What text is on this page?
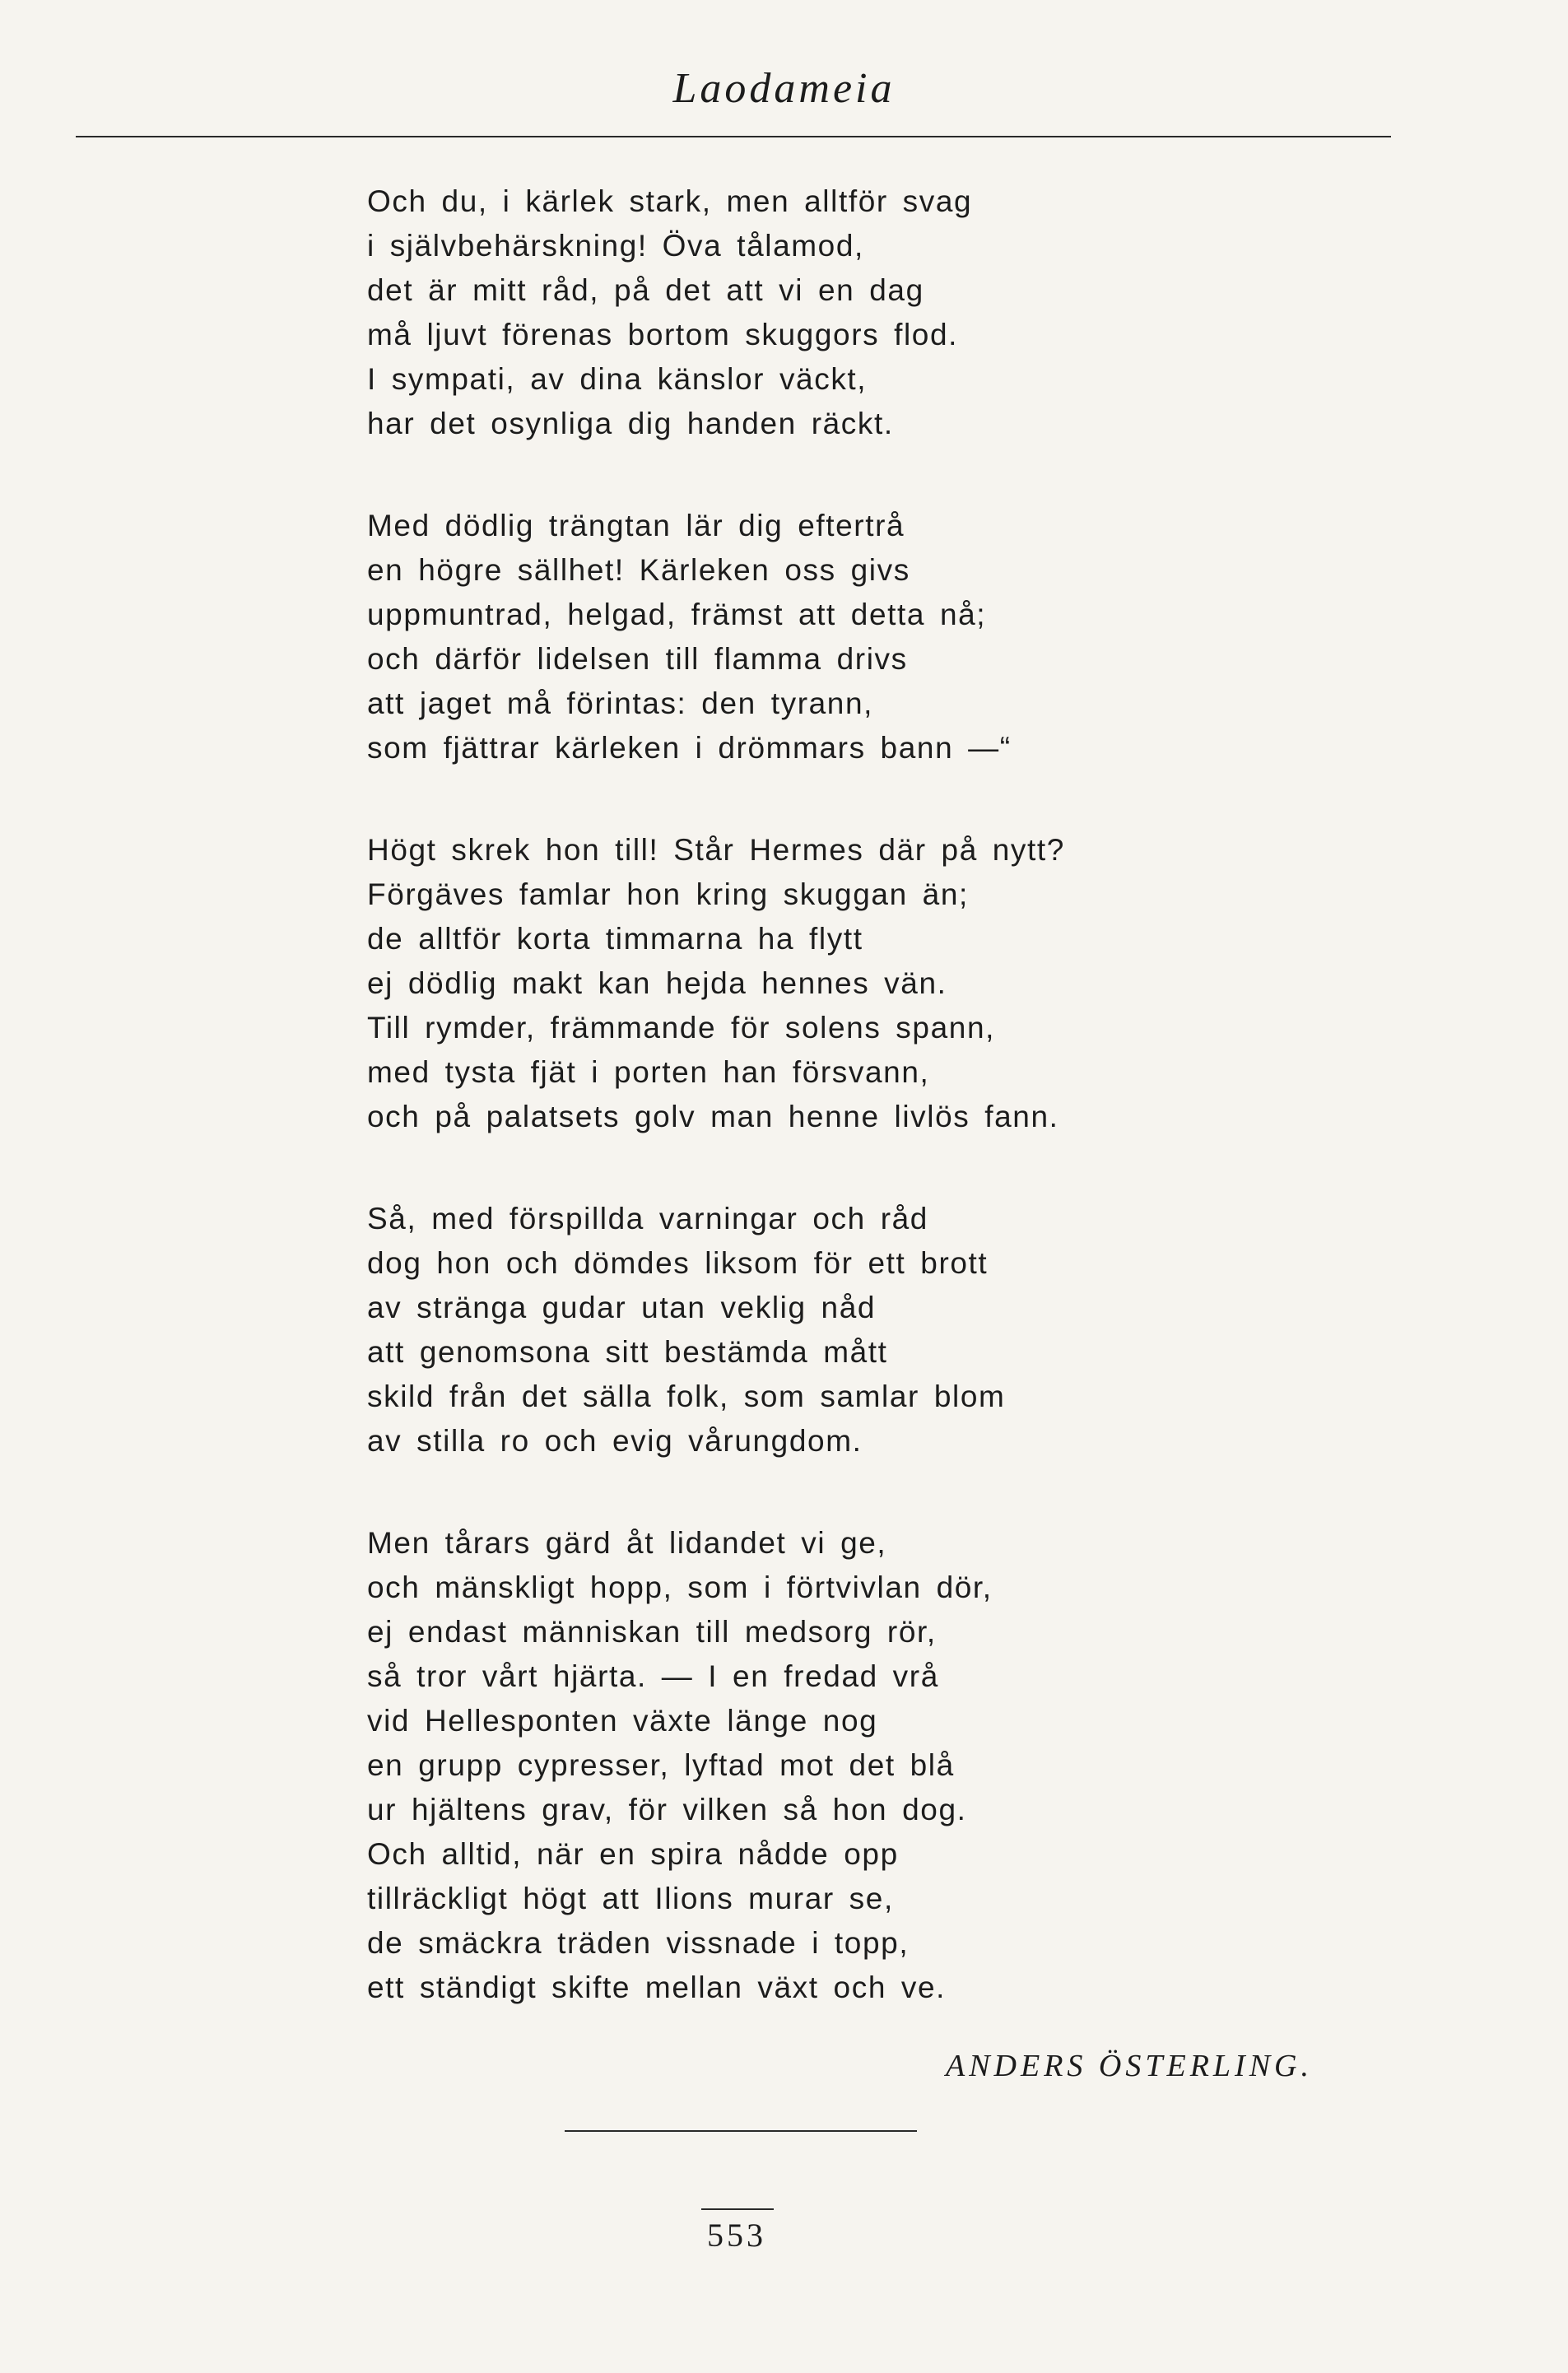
Laodameia
Och du, i kärlek stark, men alltför svag
i självbehärskning! Öva tålamod,
det är mitt råd, på det att vi en dag
må ljuvt förenas bortom skuggors flod.
I sympati, av dina känslor väckt,
har det osynliga dig handen räckt.
Med dödlig trängtan lär dig eftertrå
en högre sällhet! Kärleken oss givs
uppmuntrad, helgad, främst att detta nå;
och därför lidelsen till flamma drivs
att jaget må förintas: den tyrann,
som fjättrar kärleken i drömmars bann —“
Högt skrek hon till! Står Hermes där på nytt?
Förgäves famlar hon kring skuggan än;
de alltför korta timmarna ha flytt
ej dödlig makt kan hejda hennes vän.
Till rymder, främmande för solens spann,
med tysta fjät i porten han försvann,
och på palatsets golv man henne livlös fann.
Så, med förspillda varningar och råd
dog hon och dömdes liksom för ett brott
av stränga gudar utan veklig nåd
att genomsona sitt bestämda mått
skild från det sälla folk, som samlar blom
av stilla ro och evig vårungdom.
Men tårars gärd åt lidandet vi ge,
och mänskligt hopp, som i förtvivlan dör,
ej endast människan till medsorg rör,
så tror vårt hjärta. — I en fredad vrå
vid Hellesponten växte länge nog
en grupp cypresser, lyftad mot det blå
ur hjältens grav, för vilken så hon dog.
Och alltid, när en spira nådde opp
tillräckligt högt att Ilions murar se,
de smäckra träden vissnade i topp,
ett ständigt skifte mellan växt och ve.
ANDERS ÖSTERLING.
553
